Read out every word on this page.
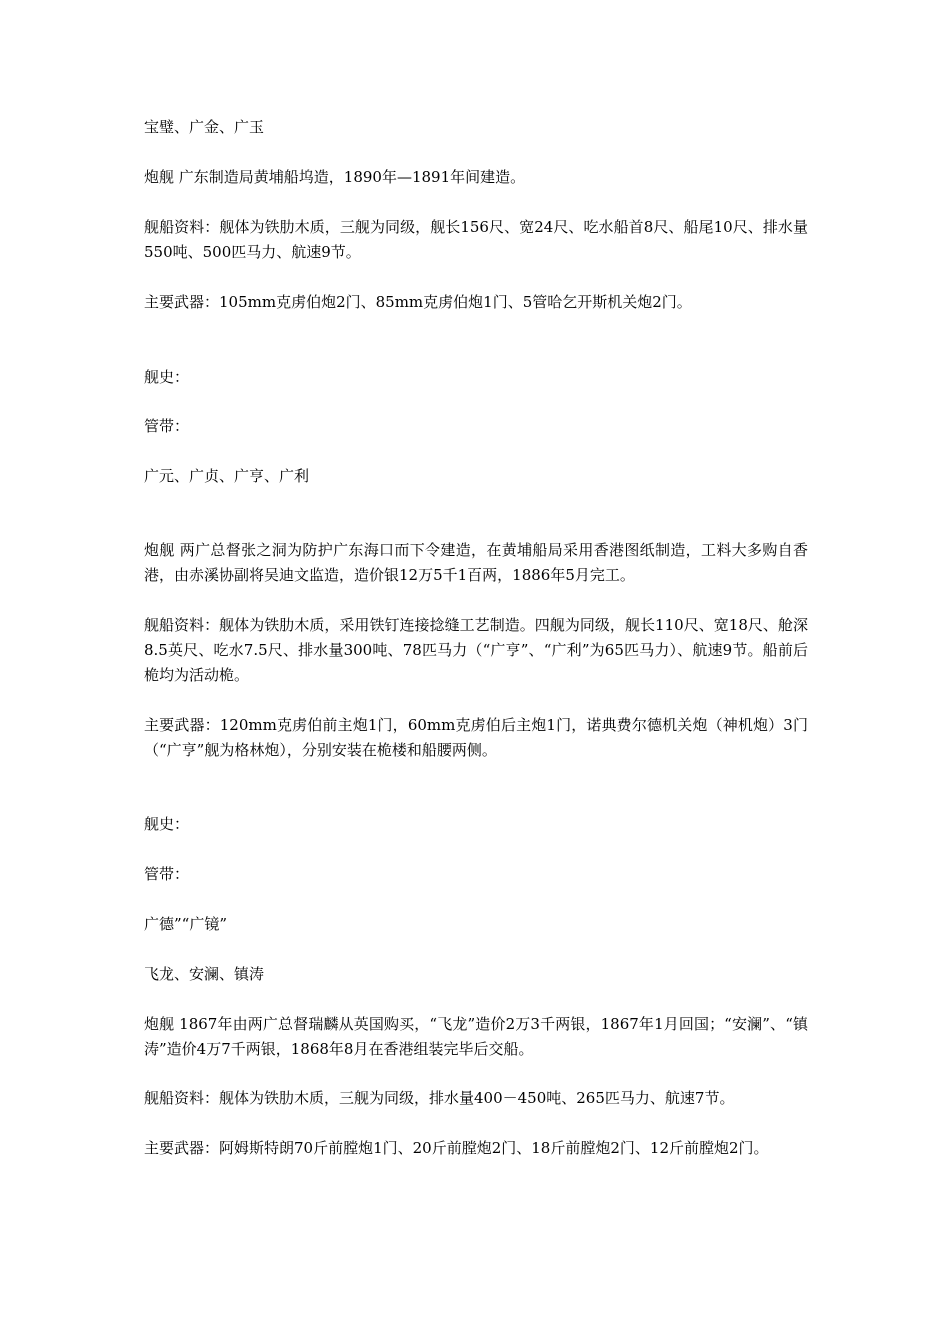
宝璧、广金、广玉

炮舰 广东制造局黄埔船坞造，1890年—1891年间建造。

舰船资料：舰体为铁肋木质，三舰为同级，舰长156尺、宽24尺、吃水船首8尺、船尾10尺、排水量550吨、500匹马力、航速9节。

主要武器：105mm克虏伯炮2门、85mm克虏伯炮1门、5管哈乞开斯机关炮2门。

舰史：

管带：

广元、广贞、广亨、广利

炮舰 两广总督张之洞为防护广东海口而下令建造，在黄埔船局采用香港图纸制造，工料大多购自香港，由赤溪协副将吴迪文监造，造价银12万5千1百两，1886年5月完工。

舰船资料：舰体为铁肋木质，采用铁钉连接捻缝工艺制造。四舰为同级，舰长110尺、宽18尺、舱深8.5英尺、吃水7.5尺、排水量300吨、78匹马力（“广亨”、“广利”为65匹马力）、航速9节。船前后桅均为活动桅。

主要武器：120mm克虏伯前主炮1门，60mm克虏伯后主炮1门，诺典费尔德机关炮（神机炮）3门（“广亨”舰为格林炮），分别安装在桅楼和船腰两侧。

舰史：

管带：

广德”“广镜”

飞龙、安澜、镇涛

炮舰 1867年由两广总督瑞麟从英国购买，“飞龙”造价2万3千两银，1867年1月回国；“安澜”、“镇涛”造价4万7千两银，1868年8月在香港组装完毕后交船。

舰船资料：舰体为铁肋木质，三舰为同级，排水量400－450吨、265匹马力、航速7节。

主要武器：阿姆斯特朗70斤前膛炮1门、20斤前膛炮2门、18斤前膛炮2门、12斤前膛炮2门。
